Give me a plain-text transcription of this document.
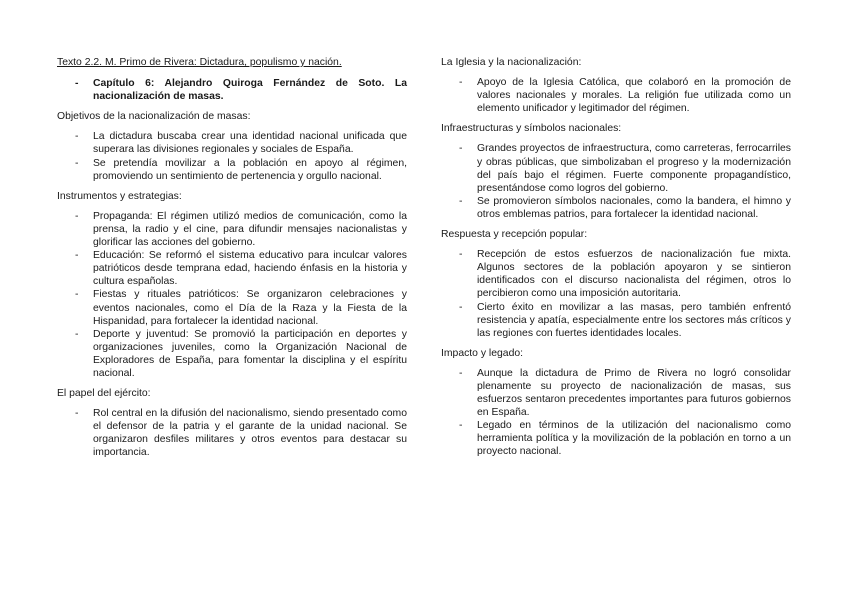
Texto 2.2. M. Primo de Rivera: Dictadura, populismo y nación.
- Capítulo 6: Alejandro Quiroga Fernández de Soto. La nacionalización de masas.
Objetivos de la nacionalización de masas:
- La dictadura buscaba crear una identidad nacional unificada que superara las divisiones regionales y sociales de España.
- Se pretendía movilizar a la población en apoyo al régimen, promoviendo un sentimiento de pertenencia y orgullo nacional.
Instrumentos y estrategias:
- Propaganda: El régimen utilizó medios de comunicación, como la prensa, la radio y el cine, para difundir mensajes nacionalistas y glorificar las acciones del gobierno.
- Educación: Se reformó el sistema educativo para inculcar valores patrióticos desde temprana edad, haciendo énfasis en la historia y cultura españolas.
- Fiestas y rituales patrióticos: Se organizaron celebraciones y eventos nacionales, como el Día de la Raza y la Fiesta de la Hispanidad, para fortalecer la identidad nacional.
- Deporte y juventud: Se promovió la participación en deportes y organizaciones juveniles, como la Organización Nacional de Exploradores de España, para fomentar la disciplina y el espíritu nacional.
El papel del ejército:
- Rol central en la difusión del nacionalismo, siendo presentado como el defensor de la patria y el garante de la unidad nacional. Se organizaron desfiles militares y otros eventos para destacar su importancia.
La Iglesia y la nacionalización:
- Apoyo de la Iglesia Católica, que colaboró en la promoción de valores nacionales y morales. La religión fue utilizada como un elemento unificador y legitimador del régimen.
Infraestructuras y símbolos nacionales:
- Grandes proyectos de infraestructura, como carreteras, ferrocarriles y obras públicas, que simbolizaban el progreso y la modernización del país bajo el régimen. Fuerte componente propagandístico, presentándose como logros del gobierno.
- Se promovieron símbolos nacionales, como la bandera, el himno y otros emblemas patrios, para fortalecer la identidad nacional.
Respuesta y recepción popular:
- Recepción de estos esfuerzos de nacionalización fue mixta. Algunos sectores de la población apoyaron y se sintieron identificados con el discurso nacionalista del régimen, otros lo percibieron como una imposición autoritaria.
- Cierto éxito en movilizar a las masas, pero también enfrentó resistencia y apatía, especialmente entre los sectores más críticos y las regiones con fuertes identidades locales.
Impacto y legado:
- Aunque la dictadura de Primo de Rivera no logró consolidar plenamente su proyecto de nacionalización de masas, sus esfuerzos sentaron precedentes importantes para futuros gobiernos en España.
- Legado en términos de la utilización del nacionalismo como herramienta política y la movilización de la población en torno a un proyecto nacional.
